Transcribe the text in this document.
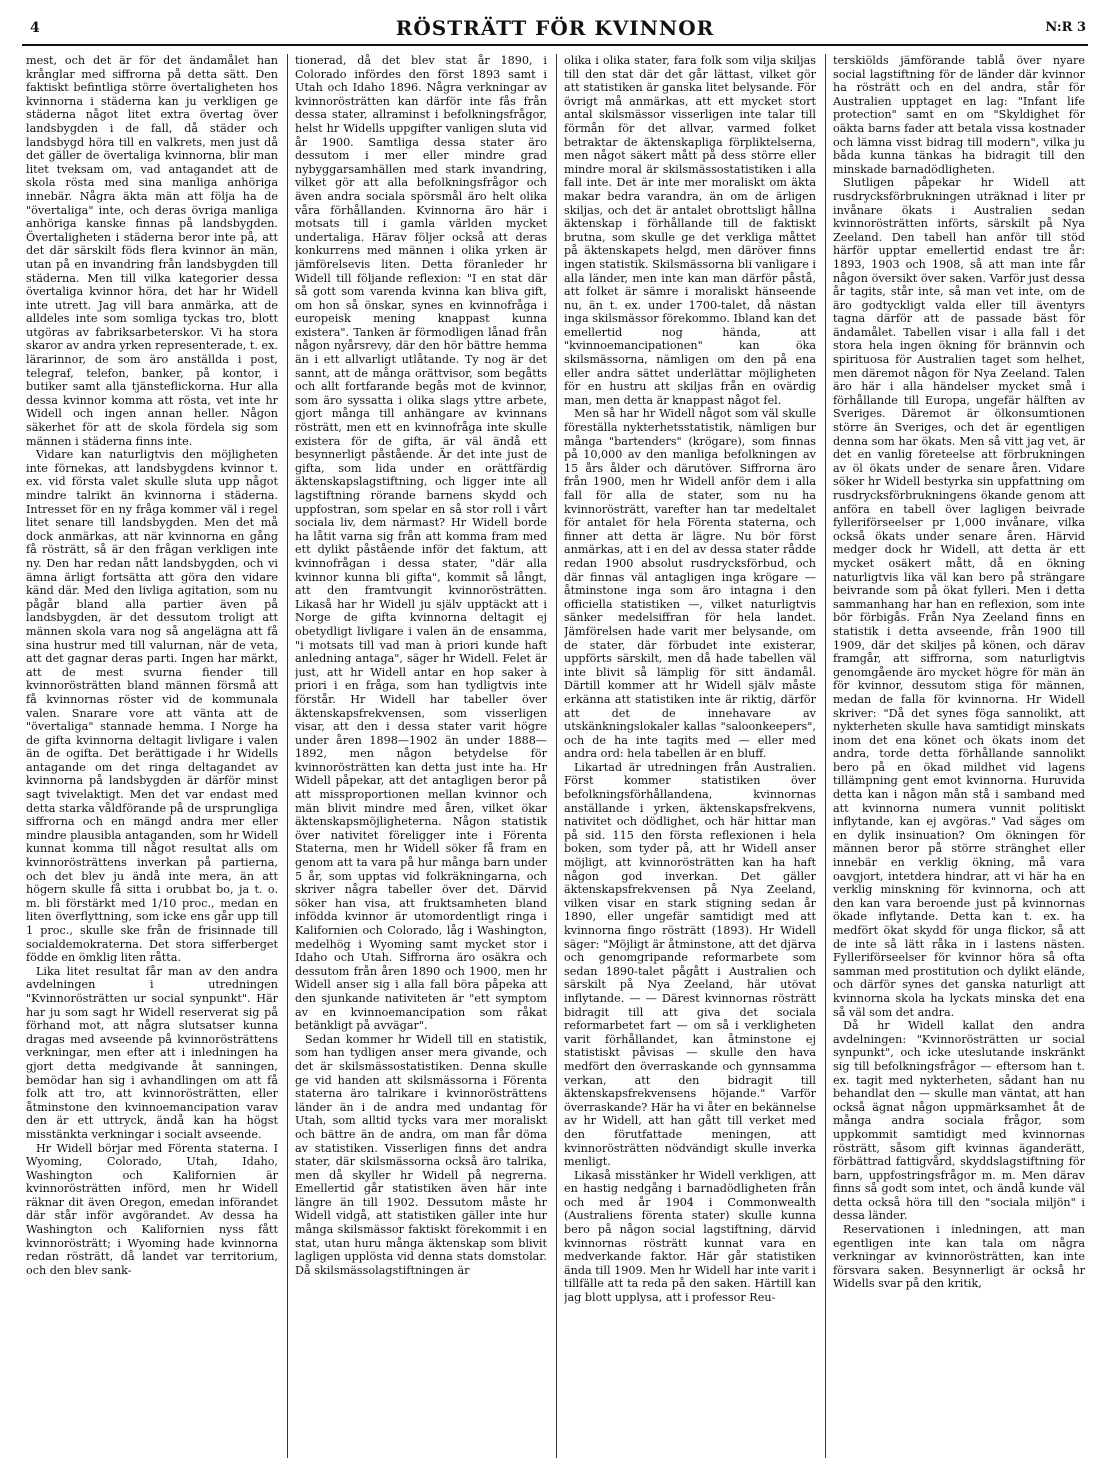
4	RÖSTRÄTT FÖR KVINNOR	N:R 3

mest, och det är för det ändamålet han krånglar med siffrorna på detta sätt. Den faktiskt befintliga större övertaligheten hos kvinnorna i städerna kan ju verkligen ge städerna något litet extra övertag över landsbygden i de fall, då städer och landsbygd höra till en valkrets, men just då det gäller de övertaliga kvinnorna, blir man litet tveksam om, vad antagandet att de skola rösta med sina manliga anhöriga innebär. Några äkta män att följa ha de "övertaliga" inte, och deras övriga manliga anhöriga kanske finnas på landsbygden. Övertaligheten i städerna beror inte på, att det där särskilt föds flera kvinnor än män, utan på en invandring från landsbygden till städerna. Men till vilka kategorier dessa övertaliga kvinnor höra, det har hr Widell inte utrett. Jag vill bara anmärka, att de alldeles inte som somliga tyckas tro, blott utgöras av fabriksarbeterskor. Vi ha stora skaror av andra yrken representerade, t. ex. lärarinnor, de som äro anställda i post, telegraf, telefon, banker, på kontor, i butiker samt alla tjänsteflickorna. Hur alla dessa kvinnor komma att rösta, vet inte hr Widell och ingen annan heller. Någon säkerhet för att de skola fördela sig som männen i städerna finns inte.

Vidare kan naturligtvis den möjligheten inte förnekas, att landsbygdens kvinnor t. ex. vid första valet skulle sluta upp något mindre talrikt än kvinnorna i städerna. Intresset för en ny fråga kommer väl i regel litet senare till landsbygden. Men det må dock anmärkas, att när kvinnorna en gång få rösträtt, så är den frågan verkligen inte ny. Den har redan nått landsbygden, och vi ämna ärligt fortsätta att göra den vidare känd där. Med den livliga agitation, som nu pågår bland alla partier även på landsbygden, är det dessutom troligt att männen skola vara nog så angelägna att få sina hustrur med till valurnan, när de veta, att det gagnar deras parti. Ingen har märkt, att de mest svurna fiender till kvinnorösträtten bland männen försmå att få kvinnornas röster vid de kommunala valen. Snarare vore att vänta att de "övertaliga" stannade hemma. I Norge ha de gifta kvinnorna deltagit livligare i valen än de ogifta. Det berättigade i hr Widells antagande om det ringa deltagandet av kvinnorna på landsbygden är därför minst sagt tvivelaktigt. Men det var endast med detta starka våldförande på de ursprungliga siffrorna och en mängd andra mer eller mindre plausibla antaganden, som hr Widell kunnat komma till något resultat alls om kvinnorösträttens inverkan på partierna, och det blev ju ändå inte mera, än att högern skulle få sitta i orubbat bo, ja t. o. m. bli förstärkt med 1/10 proc., medan en liten överflyttning, som icke ens går upp till 1 proc., skulle ske från de frisinnade till socialdemokraterna. Det stora sifferberget födde en ömklig liten råtta.

Lika litet resultat får man av den andra avdelningen i utredningen "Kvinnorösträtten ur social synpunkt". Här har ju som sagt hr Widell reserverat sig på förhand mot, att några slutsatser kunna dragas med avseende på kvinnorösträttens verkningar, men efter att i inledningen ha gjort detta medgivande åt sanningen, bemödar han sig i avhandlingen om att få folk att tro, att kvinnorösträtten, eller åtminstone den kvinnoemancipation varav den är ett uttryck, ändå kan ha högst misstänkta verkningar i socialt avseende.

Hr Widell börjar med Förenta staterna. I Wyoming, Colorado, Utah, Idaho, Washington och Kalifornien är kvinnorösträtten införd, men hr Widell räknar dit även Oregon, emedan införandet där står inför avgörandet. Av dessa ha Washington och Kalifornien nyss fått kvinnorösträtt; i Wyoming hade kvinnorna redan rösträtt, då landet var territorium, och den blev sank-

tionerad, då det blev stat år 1890, i Colorado infördes den först 1893 samt i Utah och Idaho 1896. Några verkningar av kvinnorösträtten kan därför inte fås från dessa stater, allraminst i befolkningsfrågor, helst hr Widells uppgifter vanligen sluta vid år 1900. Samtliga dessa stater äro dessutom i mer eller mindre grad nybyggarsamhällen med stark invandring, vilket gör att alla befolkningsfrågor och även andra sociala spörsmål äro helt olika våra förhållanden. Kvinnorna äro här i motsats till i gamla världen mycket undertaliga. Härav följer också att deras konkurrens med männen i olika yrken är jämförelsevis liten. Detta föranleder hr Widell till följande reflexion: "I en stat där så gott som varenda kvinna kan bliva gift, om hon så önskar, synes en kvinnofråga i europeisk mening knappast kunna existera". Tanken är förmodligen lånad från någon nyårsrevy, där den hör bättre hemma än i ett allvarligt utlåtande. Ty nog är det sannt, att de många orättvisor, som begåtts och allt fortfarande begås mot de kvinnor, som äro syssatta i olika slags yttre arbete, gjort många till anhängare av kvinnans rösträtt, men ett en kvinnofråga inte skulle existera för de gifta, är väl ändå ett besynnerligt påstående. Är det inte just de gifta, som lida under en orättfärdig äktenskapslagstiftning, och ligger inte all lagstiftning rörande barnens skydd och uppfostran, som spelar en så stor roll i vårt sociala liv, dem närmast? Hr Widell borde ha låtit varna sig från att komma fram med ett dylikt påstående inför det faktum, att kvinnofrågan i dessa stater, "där alla kvinnor kunna bli gifta", kommit så långt, att den framtvungit kvinnorösträtten. Likaså har hr Widell ju själv upptäckt att i Norge de gifta kvinnorna deltagit ej obetydligt livligare i valen än de ensamma, "i motsats till vad man à priori kunde haft anledning antaga", säger hr Widell. Felet är just, att hr Widell antar en hop saker à priori i en fråga, som han tydligtvis inte förstår. Hr Widell har tabeller över äktenskapsfrekvensen, som visserligen visar, att den i dessa stater varit högre under åren 1898—1902 än under 1888—1892, men någon betydelse för kvinnorösträtten kan detta just inte ha. Hr Widell påpekar, att det antagligen beror på att missproportionen mellan kvinnor och män blivit mindre med åren, vilket ökar äktenskapsmöjligheterna. Någon statistik över nativitet föreligger inte i Förenta Staterna, men hr Widell söker få fram en genom att ta vara på hur många barn under 5 år, som upptas vid folkräkningarna, och skriver några tabeller över det. Därvid söker han visa, att fruktsamheten bland infödda kvinnor är utomordentligt ringa i Kalifornien och Colorado, låg i Washington, medelhög i Wyoming samt mycket stor i Idaho och Utah. Siffrorna äro osäkra och dessutom från åren 1890 och 1900, men hr Widell anser sig i alla fall böra påpeka att den sjunkande nativiteten är "ett symptom av en kvinnoemancipation som råkat betänkligt på avvägar".

Sedan kommer hr Widell till en statistik, som han tydligen anser mera givande, och det är skilsmässostatistiken. Denna skulle ge vid handen att skilsmässorna i Förenta staterna äro talrikare i kvinnorösträttens länder än i de andra med undantag för Utah, som alltid tycks vara mer moraliskt och bättre än de andra, om man får döma av statistiken. Visserligen finns det andra stater, där skilsmässorna också äro talrika, men då skyller hr Widell på negrerna. Emellertid går statistiken även här inte längre än till 1902. Dessutom måste hr Widell vidgå, att statistiken gäller inte hur många skilsmässor faktiskt förekommit i en stat, utan huru många äktenskap som blivit lagligen upplösta vid denna stats domstolar. Då skilsmässolagstiftningen är

olika i olika stater, fara folk som vilja skiljas till den stat där det går lättast, vilket gör att statistiken är ganska litet belysande. För övrigt må anmärkas, att ett mycket stort antal skilsmässor visserligen inte talar till förmån för det allvar, varmed folket betraktar de äktenskapliga förpliktelserna, men något säkert mått på dess större eller mindre moral är skilsmässostatistiken i alla fall inte. Det är inte mer moraliskt om äkta makar bedra varandra, än om de ärligen skiljas, och det är antalet obrottsligt hållna äktenskap i förhållande till de faktiskt brutna, som skulle ge det verkliga måttet på äktenskapets helgd, men däröver finns ingen statistik. Skilsmässorna bli vanligare i alla länder, men inte kan man därför påstå, att folket är sämre i moraliskt hänseende nu, än t. ex. under 1700-talet, då nästan inga skilsmässor förekommo. Ibland kan det emellertid nog hända, att "kvinnoemancipationen" kan öka skilsmässorna, nämligen om den på ena eller andra sättet underlättar möjligheten för en hustru att skiljas från en ovärdig man, men detta är knappast något fel.

Men så har hr Widell något som väl skulle föreställa nykterhetsstatistik, nämligen bur många "bartenders" (krögare), som finnas på 10,000 av den manliga befolkningen av 15 års ålder och därutöver. Siffrorna äro från 1900, men hr Widell anför dem i alla fall för alla de stater, som nu ha kvinnorösträtt, varefter han tar medeltalet för antalet för hela Förenta staterna, och finner att detta är lägre. Nu bör först anmärkas, att i en del av dessa stater rådde redan 1900 absolut rusdrycksförbud, och där finnas väl antagligen inga krögare — åtminstone inga som äro intagna i den officiella statistiken —, vilket naturligtvis sänker medelsiffran för hela landet. Jämförelsen hade varit mer belysande, om de stater, där förbudet inte existerar, uppförts särskilt, men då hade tabellen väl inte blivit så lämplig för sitt ändamål. Därtill kommer att hr Widell själv måste erkänna att statistiken inte är riktig, därför att det de innehavare av utskänkningslokaler kallas "saloonkeepers", och de ha inte tagits med — eller med andra ord: hela tabellen är en bluff.

Likartad är utredningen från Australien. Först kommer statistiken över befolkningsförhållandena, kvinnornas anställande i yrken, äktenskapsfrekvens, nativitet och dödlighet, och här hittar man på sid. 115 den första reflexionen i hela boken, som tyder på, att hr Widell anser möjligt, att kvinnorösträtten kan ha haft någon god inverkan. Det gäller äktenskapsfrekvensen på Nya Zeeland, vilken visar en stark stigning sedan år 1890, eller ungefär samtidigt med att kvinnorna fingo rösträtt (1893). Hr Widell säger: "Möjligt är åtminstone, att det djärva och genomgripande reformarbete som sedan 1890-talet pågått i Australien och särskilt på Nya Zeeland, här utövat inflytande. — — Därest kvinnornas rösträtt bidragit till att giva det sociala reformarbetet fart — om så i verkligheten varit förhållandet, kan åtminstone ej statistiskt påvisas — skulle den hava medfört den överraskande och gynnsamma verkan, att den bidragit till äktenskapsfrekvensens höjande." Varför överraskande? Här ha vi åter en bekännelse av hr Widell, att han gått till verket med den förutfattade meningen, att kvinnorösträtten nödvändigt skulle inverka menligt.

Likaså misstänker hr Widell verkligen, att en hastig nedgång i barnadödligheten från och med år 1904 i Commonwealth (Australiens förenta stater) skulle kunna bero på någon social lagstiftning, därvid kvinnornas rösträtt kunnat vara en medverkande faktor. Här går statistiken ända till 1909. Men hr Widell har inte varit i tillfälle att ta reda på den saken. Härtill kan jag blott upplysa, att i professor Reu-

terskiölds jämförande tablå över nyare social lagstiftning för de länder där kvinnor ha rösträtt och en del andra, står för Australien upptaget en lag: "Infant life protection" samt en om "Skyldighet för oäkta barns fader att betala vissa kostnader och lämna visst bidrag till modern", vilka ju båda kunna tänkas ha bidragit till den minskade barnadödligheten.

Slutligen påpekar hr Widell att rusdrycksförbrukningen uträknad i liter pr invånare ökats i Australien sedan kvinnorösträtten införts, särskilt på Nya Zeeland. Den tabell han anför till stöd härför upptar emellertid endast tre år: 1893, 1903 och 1908, så att man inte får någon översikt över saken. Varför just dessa år tagits, står inte, så man vet inte, om de äro godtyckligt valda eller till äventyrs tagna därför att de passade bäst för ändamålet. Tabellen visar i alla fall i det stora hela ingen ökning för brännvin och spirituosa för Australien taget som helhet, men däremot någon för Nya Zeeland. Talen äro här i alla händelser mycket små i förhållande till Europa, ungefär hälften av Sveriges. Däremot är ölkonsumtionen större än Sveriges, och det är egentligen denna som har ökats. Men så vitt jag vet, är det en vanlig företeelse att förbrukningen av öl ökats under de senare åren. Vidare söker hr Widell bestyrka sin uppfattning om rusdrycksförbrukningens ökande genom att anföra en tabell över lagligen beivrade fylleriförseelser pr 1,000 invånare, vilka också ökats under senare åren. Härvid medger dock hr Widell, att detta är ett mycket osäkert mått, då en ökning naturligtvis lika väl kan bero på strängare beivrande som på ökat fylleri. Men i detta sammanhang har han en reflexion, som inte bör förbigås. Från Nya Zeeland finns en statistik i detta avseende, från 1900 till 1909, där det skiljes på könen, och därav framgår, att siffrorna, som naturligtvis genomgående äro mycket högre för män än för kvinnor, dessutom stiga för männen, medan de falla för kvinnorna. Hr Widell skriver: "Då det synes föga sannolikt, att nykterheten skulle hava samtidigt minskats inom det ena könet och ökats inom det andra, torde detta förhållande sannolikt bero på en ökad mildhet vid lagens tillämpning gent emot kvinnorna. Huruvida detta kan i någon mån stå i samband med att kvinnorna numera vunnit politiskt inflytande, kan ej avgöras." Vad säges om en dylik insinuation? Om ökningen för männen beror på större stränghet eller innebär en verklig ökning, må vara oavgjort, intetdera hindrar, att vi här ha en verklig minskning för kvinnorna, och att den kan vara beroende just på kvinnornas ökade inflytande. Detta kan t. ex. ha medfört ökat skydd för unga flickor, så att de inte så lätt råka in i lastens nästen. Fylleriförseelser för kvinnor höra så ofta samman med prostitution och dylikt elände, och därför synes det ganska naturligt att kvinnorna skola ha lyckats minska det ena så väl som det andra.

Då hr Widell kallat den andra avdelningen: "Kvinnorösträtten ur social synpunkt", och icke uteslutande inskränkt sig till befolkningsfrågor — eftersom han t. ex. tagit med nykterheten, sådant han nu behandlat den — skulle man väntat, att han också ägnat någon uppmärksamhet åt de många andra sociala frågor, som uppkommit samtidigt med kvinnornas rösträtt, såsom gift kvinnas äganderätt, förbättrad fattigvård, skyddslagstiftning för barn, uppfostringsfrågor m. m. Men därav finns så godt som intet, och ändå kunde väl detta också höra till den "sociala miljön" i dessa länder.

Reservationen i inledningen, att man egentligen inte kan tala om några verkningar av kvinnorösträtten, kan inte försvara saken. Besynnerligt är också hr Widells svar på den kritik,
